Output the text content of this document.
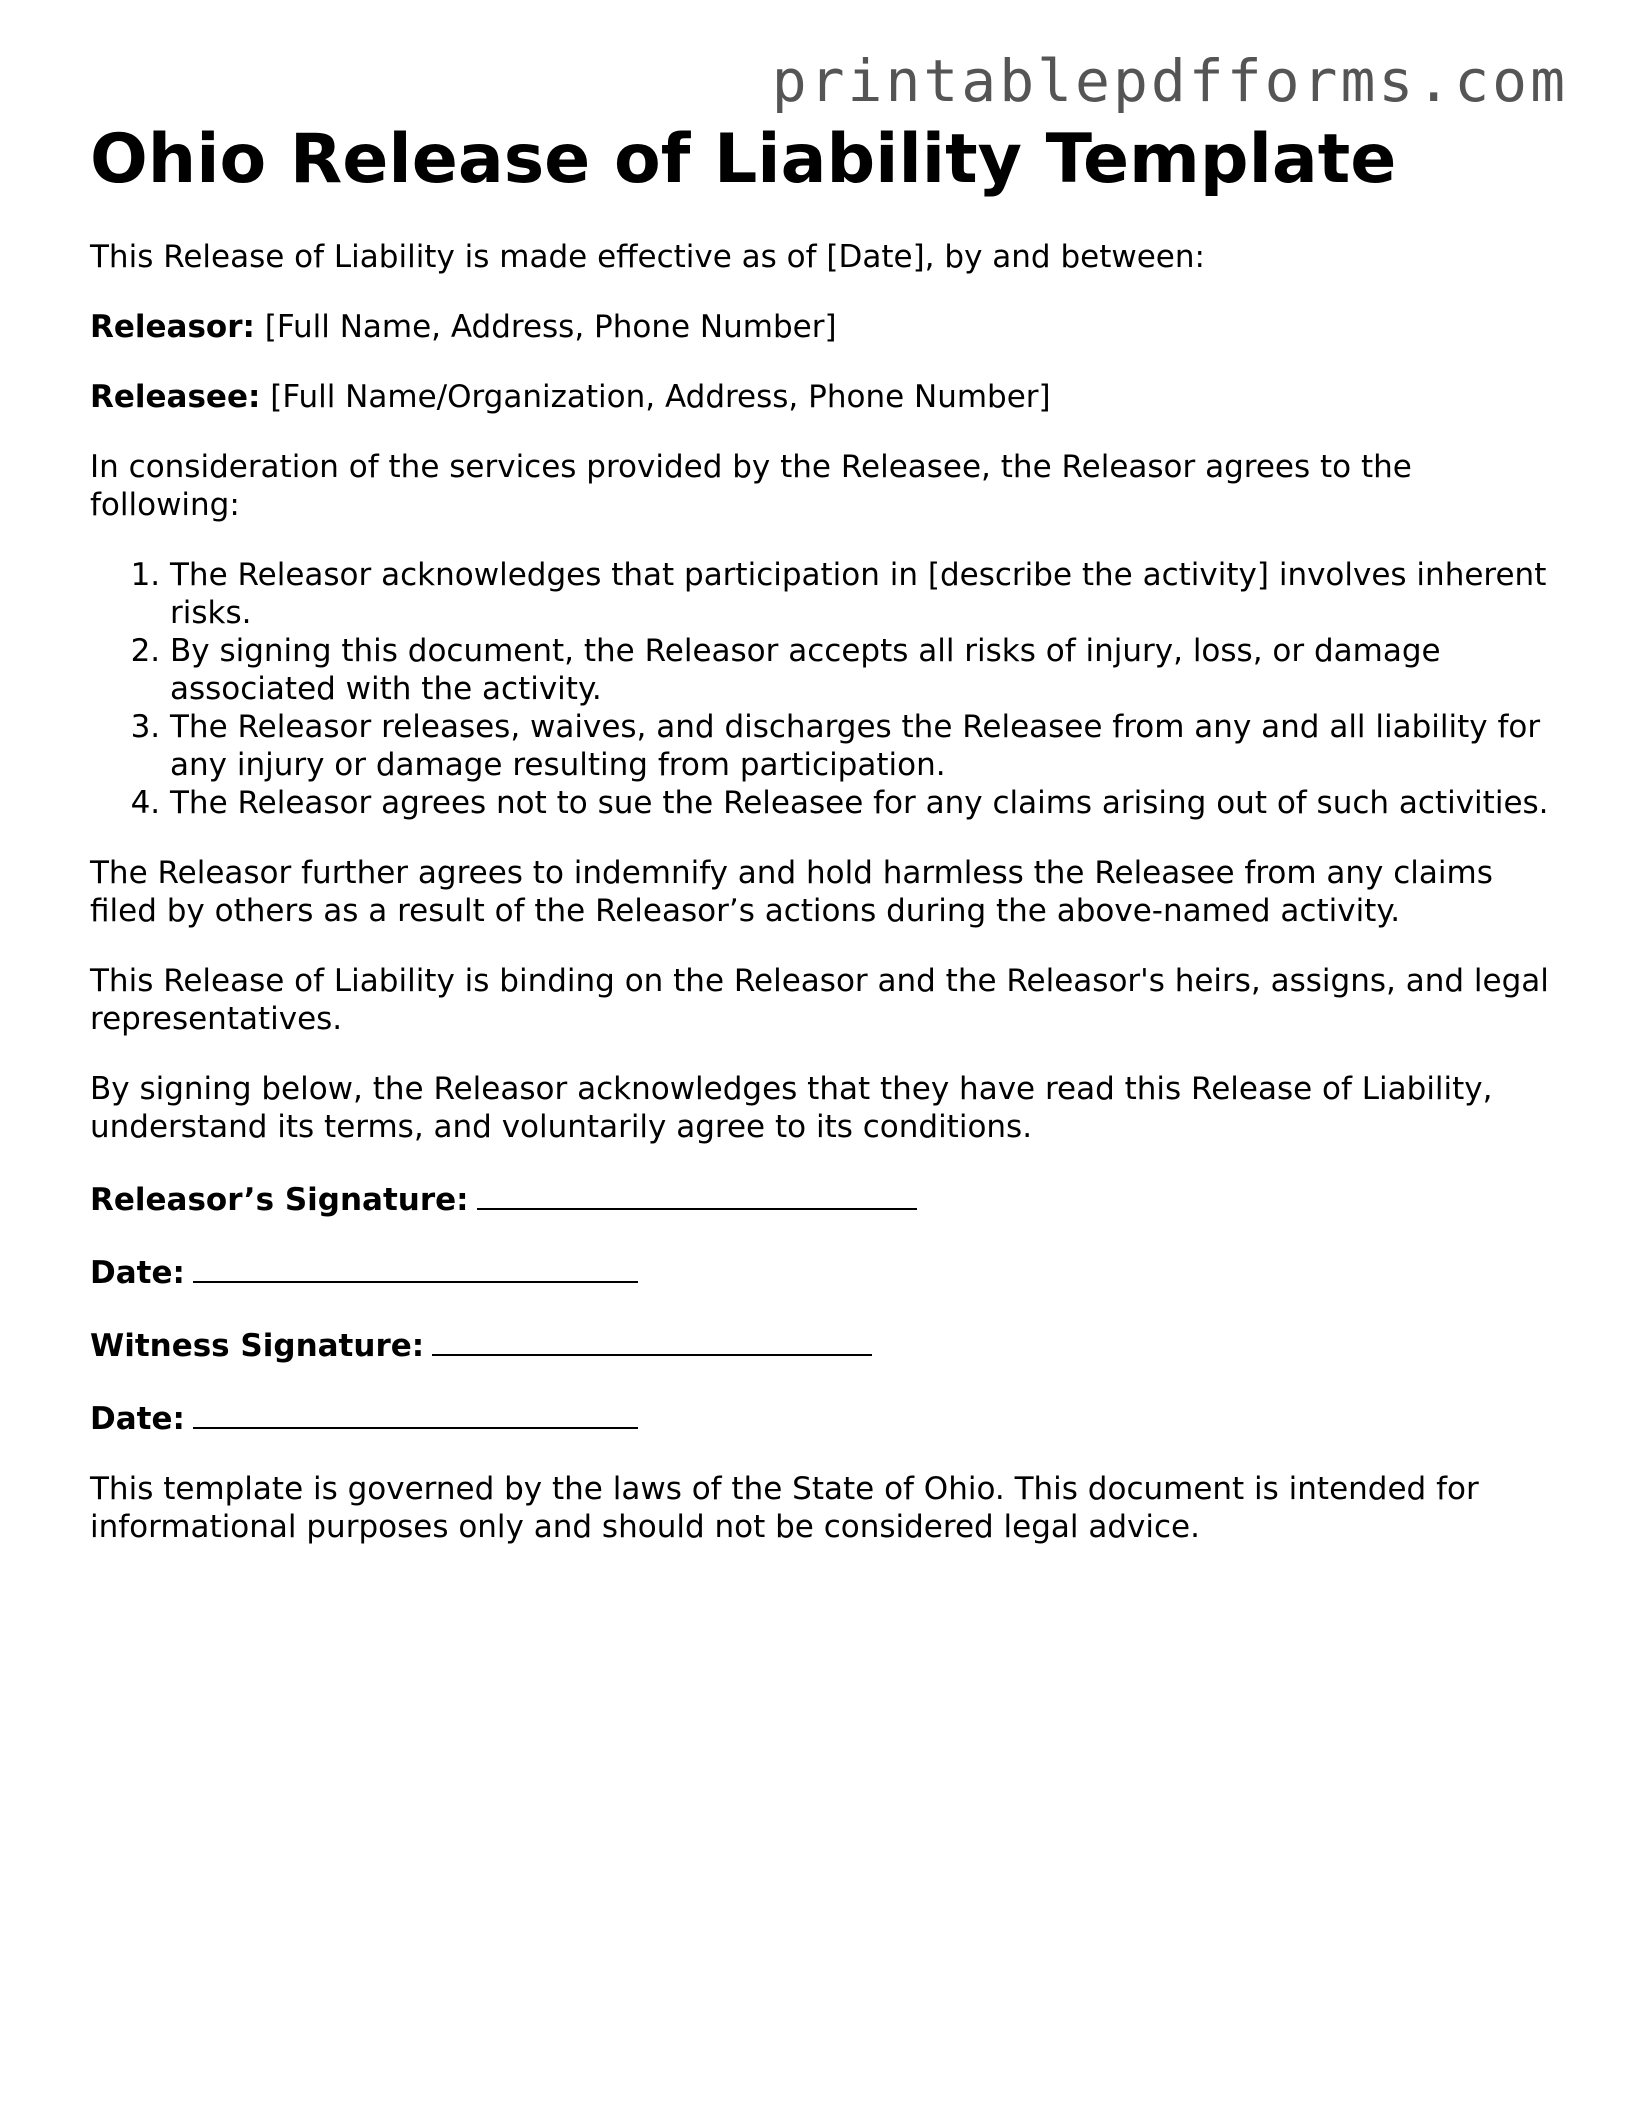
printablepdfforms.com
Ohio Release of Liability Template

This Release of Liability is made effective as of [Date], by and between:

Releasor: [Full Name, Address, Phone Number]

Releasee: [Full Name/Organization, Address, Phone Number]

In consideration of the services provided by the Releasee, the Releasor agrees to the following:

1. The Releasor acknowledges that participation in [describe the activity] involves inherent risks.
2. By signing this document, the Releasor accepts all risks of injury, loss, or damage associated with the activity.
3. The Releasor releases, waives, and discharges the Releasee from any and all liability for any injury or damage resulting from participation.
4. The Releasor agrees not to sue the Releasee for any claims arising out of such activities.

The Releasor further agrees to indemnify and hold harmless the Releasee from any claims filed by others as a result of the Releasor’s actions during the above-named activity.

This Release of Liability is binding on the Releasor and the Releasor's heirs, assigns, and legal representatives.

By signing below, the Releasor acknowledges that they have read this Release of Liability, understand its terms, and voluntarily agree to its conditions.

Releasor’s Signature:

Date:

Witness Signature:

Date:

This template is governed by the laws of the State of Ohio. This document is intended for informational purposes only and should not be considered legal advice.
